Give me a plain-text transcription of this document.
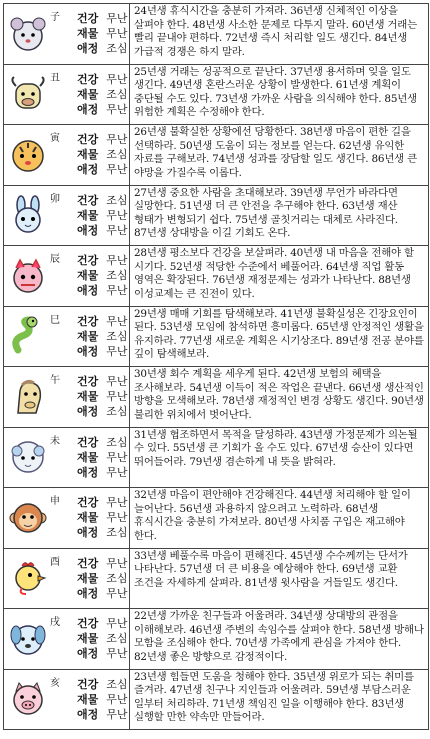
子 건강
재물
애정
무난
무난
조심
24년생 휴식시간을 충분히 가져라. 36년생 신체적인 이상을 살펴야 한다. 48년생 사소한 문제로 다투지 말라. 60년생 거래는 빨리 끝내야 편하다. 72년생 즉시 처리할 일도 생긴다. 84년생 가급적 경쟁은 하지 말라.
丑 건강
재물
애정
무난
조심
무난
25년생 거래는 성공적으로 끝난다. 37년생 용서하며 잊을 일도 생긴다. 49년생 혼란스러운 상황이 발생한다. 61년생 계획이 중단될 수도 있다. 73년생 가까운 사람을 의식해야 한다. 85년생 위험한 계획은 수정해야 한다.
寅 건강
재물
애정
무난
조심
무난
26년생 불확실한 상황에선 당황한다. 38년생 마음이 편한 길을 선택하라. 50년생 도움이 되는 정보를 얻는다. 62년생 유익한 자료를 구해보라. 74년생 성과를 장담할 일도 생긴다. 86년생 큰 야망을 가질수록 이롭다.
卯 건강
재물
애정
조심
무난
무난
27년생 중요한 사람을 초대해보라. 39년생 무언가 바라다면 실망한다. 51년생 더 큰 안전을 추구해야 한다. 63년생 재산 형태가 변형되기 쉽다. 75년생 골칫거리는 대체로 사라진다. 87년생 상대방을 이길 기회도 온다.
辰 건강
재물
애정
무난
조심
무난
28년생 평소보다 건강을 보살펴라. 40년생 내 마음을 전해야 할 시기다. 52년생 적당한 수준에서 베풀어라. 64년생 직업 활동 영역은 확장된다. 76년생 재정문제는 성과가 나타난다. 88년생 이성교제는 큰 진전이 있다.
巳 건강
재물
애정
무난
조심
무난
29년생 매매 기회를 탐색해보라. 41년생 불확실성은 긴장요인이 된다. 53년생 모임에 참석하면 흥미롭다. 65년생 안정적인 생활을 유지하라. 77년생 새로운 계획은 시기상조다. 89년생 전공 분야를 깊이 탐색해보라.
午 건강
재물
애정
무난
무난
조심
30년생 회수 계획을 세우게 된다. 42년생 보험의 혜택을 조사해보라. 54년생 이득이 적은 작업은 끝낸다. 66년생 생산적인 방향을 모색해보라. 78년생 재정적인 변경 상황도 생긴다. 90년생 불리한 위치에서 벗어난다.
未 건강
재물
애정
조심
무난
무난
31년생 협조하면서 목적을 달성하라. 43년생 가정문제가 의논될 수 있다. 55년생 큰 기회가 올 수도 있다. 67년생 승산이 있다면 뛰어들어라. 79년생 겸손하게 내 뜻을 밝혀라.
申 건강
재물
애정
무난
무난
조심
32년생 마음이 편안해야 건강해진다. 44년생 처리해야 할 일이 늘어난다. 56년생 과용하지 않으려고 노력하라. 68년생 휴식시간을 충분히 가져보라. 80년생 사치품 구입은 재고해야 한다.
酉 건강
재물
애정
무난
조심
무난
33년생 베풀수록 마음이 편해진다. 45년생 수수께끼는 단서가 나타난다. 57년생 더 큰 비용을 예상해야 한다. 69년생 교환 조건을 자세하게 살펴라. 81년생 윗사람을 거들일도 생긴다.
戌 건강
재물
애정
무난
조심
무난
22년생 가까운 친구들과 어울려라. 34년생 상대방의 관점을 이해해보라. 46년생 주변의 속임수를 살펴야 한다. 58년생 방해나 모함을 조심해야 한다. 70년생 가족에게 관심을 가져야 한다. 82년생 좋은 방향으로 감정적이다.
亥 건강
재물
애정
조심
무난
무난
23년생 힘들면 도움을 청해야 한다. 35년생 위로가 되는 취미를 즐겨라. 47년생 친구나 지인들과 어울려라. 59년생 부담스러운 일부터 처리하라. 71년생 책임진 일을 이행해야 한다. 83년생 실행할 만한 약속만 만들어라.
